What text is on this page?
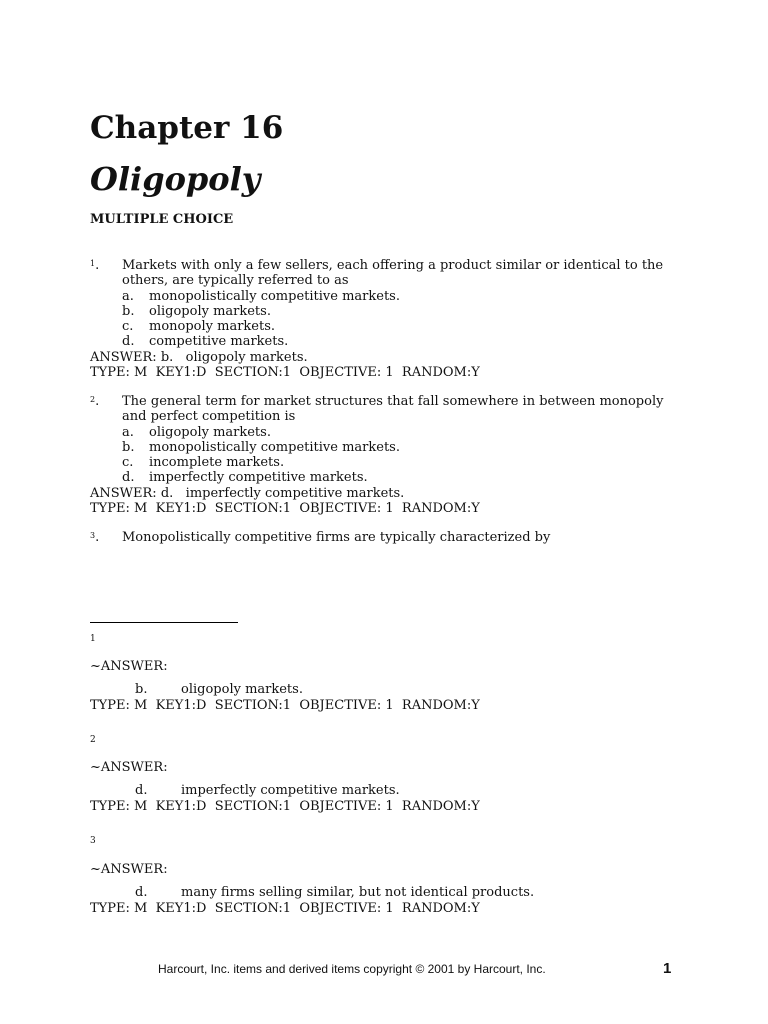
Chapter 16
Oligopoly
MULTIPLE CHOICE
$^1$. Markets with only a few sellers, each offering a product similar or identical to the others, are typically referred to as
a.	monopolistically competitive markets.
b.	oligopoly markets.
c.	monopoly markets.
d.	competitive markets.
ANSWER: b.   oligopoly markets.
TYPE: M  KEY1:D  SECTION:1  OBJECTIVE: 1  RANDOM:Y
$^2$. The general term for market structures that fall somewhere in between monopoly and perfect competition is
a.	oligopoly markets.
b.	monopolistically competitive markets.
c.	incomplete markets.
d.	imperfectly competitive markets.
ANSWER: d.   imperfectly competitive markets.
TYPE: M  KEY1:D  SECTION:1  OBJECTIVE: 1  RANDOM:Y
$^3$. Monopolistically competitive firms are typically characterized by
1
~ANSWER:
b.	oligopoly markets.
TYPE: M  KEY1:D  SECTION:1  OBJECTIVE: 1  RANDOM:Y
2
~ANSWER:
d.	imperfectly competitive markets.
TYPE: M  KEY1:D  SECTION:1  OBJECTIVE: 1  RANDOM:Y
3
~ANSWER:
d.	many firms selling similar, but not identical products.
TYPE: M  KEY1:D  SECTION:1  OBJECTIVE: 1  RANDOM:Y
Harcourt, Inc. items and derived items copyright © 2001 by Harcourt, Inc.	1
